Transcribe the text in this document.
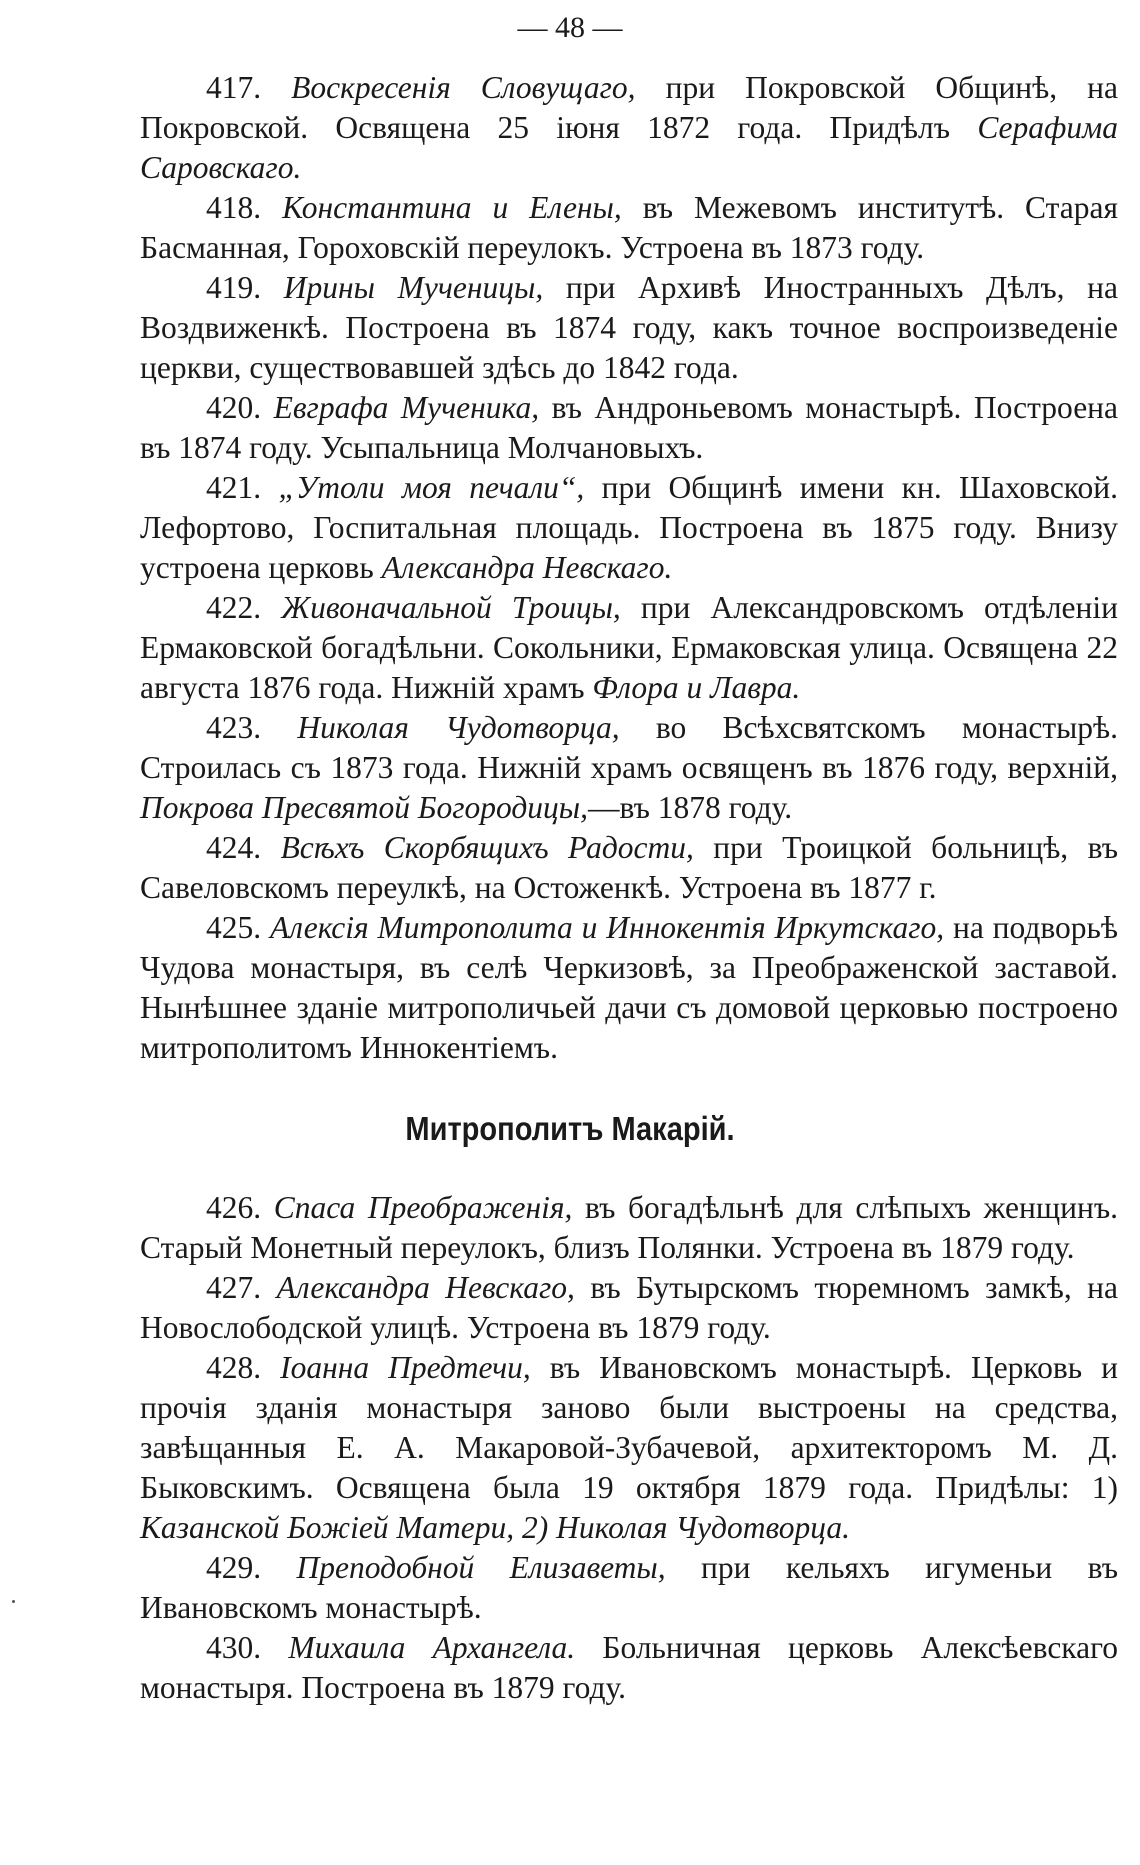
— 48 —

417. Воскресенія Словущаго, при Покровской Общинѣ, на Покровской. Освящена 25 іюня 1872 года. Придѣлъ Серафима Саровскаго.

418. Константина и Елены, въ Межевомъ институтѣ. Старая Басманная, Гороховскій переулокъ. Устроена въ 1873 году.

419. Ирины Мученицы, при Архивѣ Иностранныхъ Дѣлъ, на Воздвиженкѣ. Построена въ 1874 году, какъ точное воспроизведеніе церкви, существовавшей здѣсь до 1842 года.

420. Евграфа Мученика, въ Андроньевомъ монастырѣ. Построена въ 1874 году. Усыпальница Молчановыхъ.

421. „Утоли моя печали“, при Общинѣ имени кн. Шаховской. Лефортово, Госпитальная площадь. Построена въ 1875 году. Внизу устроена церковь Александра Невскаго.

422. Живоначальной Троицы, при Александровскомъ отдѣленіи Ермаковской богадѣльни. Сокольники, Ермаковская улица. Освящена 22 августа 1876 года. Нижній храмъ Флора и Лавра.

423. Николая Чудотворца, во Всѣхсвятскомъ монастырѣ. Строилась съ 1873 года. Нижній храмъ освященъ въ 1876 году, верхній, Покрова Пресвятой Богородицы,—въ 1878 году.

424. Всѣхъ Скорбящихъ Радости, при Троицкой больницѣ, въ Савеловскомъ переулкѣ, на Остоженкѣ. Устроена въ 1877 г.

425. Алексія Митрополита и Иннокентія Иркутскаго, на подворьѣ Чудова монастыря, въ селѣ Черкизовѣ, за Преображенской заставой. Нынѣшнее зданіе митрополичьей дачи съ домовой церковью построено митрополитомъ Иннокентіемъ.

Митрополитъ Макарій.

426. Спаса Преображенія, въ богадѣльнѣ для слѣпыхъ женщинъ. Старый Монетный переулокъ, близъ Полянки. Устроена въ 1879 году.

427. Александра Невскаго, въ Бутырскомъ тюремномъ замкѣ, на Новослободской улицѣ. Устроена въ 1879 году.

428. Іоанна Предтечи, въ Ивановскомъ монастырѣ. Церковь и прочія зданія монастыря заново были выстроены на средства, завѣщанныя Е. А. Макаровой-Зубачевой, архитекторомъ М. Д. Быковскимъ. Освящена была 19 октября 1879 года. Придѣлы: 1) Казанской Божіей Матери, 2) Николая Чудотворца.

429. Преподобной Елизаветы, при кельяхъ игуменьи въ Ивановскомъ монастырѣ.

430. Михаила Архангела. Больничная церковь Алексѣевскаго монастыря. Построена въ 1879 году.
